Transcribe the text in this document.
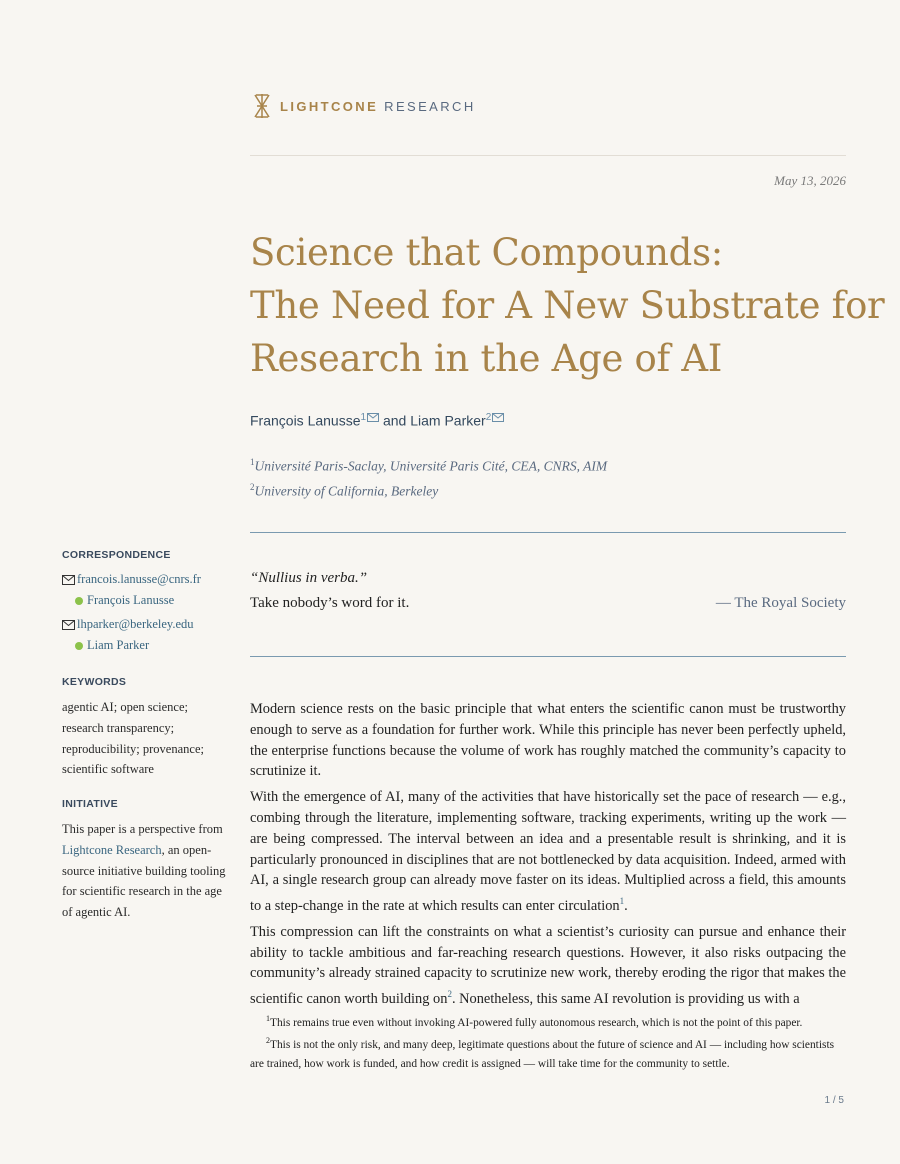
LIGHTCONE RESEARCH
May 13, 2026
Science that Compounds:
The Need for A New Substrate for
Research in the Age of AI
François Lanusse$^1$ and Liam Parker$^2$
$^1$Université Paris-Saclay, Université Paris Cité, CEA, CNRS, AIM
$^2$University of California, Berkeley
“Nullius in verba.”
Take nobody’s word for it.	— The Royal Society
CORRESPONDENCE
francois.lanusse@cnrs.fr
François Lanusse
lhparker@berkeley.edu
Liam Parker
KEYWORDS
agentic AI; open science; research transparency; reproducibility; provenance; scientific software
INITIATIVE
This paper is a perspective from Lightcone Research, an open-source initiative building tooling for scientific research in the age of agentic AI.

Modern science rests on the basic principle that what enters the scientific canon must be trustworthy enough to serve as a foundation for further work. While this principle has never been perfectly upheld, the enterprise functions because the volume of work has roughly matched the community’s capacity to scrutinize it.

With the emergence of AI, many of the activities that have historically set the pace of research — e.g., combing through the literature, implementing software, tracking experiments, writing up the work — are being compressed. The interval between an idea and a presentable result is shrinking, and it is particularly pronounced in disciplines that are not bottlenecked by data acquisition. Indeed, armed with AI, a single research group can already move faster on its ideas. Multiplied across a field, this amounts to a step-change in the rate at which results can enter circulation$^1$.

This compression can lift the constraints on what a scientist’s curiosity can pursue and enhance their ability to tackle ambitious and far-reaching research questions. However, it also risks outpacing the community’s already strained capacity to scrutinize new work, thereby eroding the rigor that makes the scientific canon worth building $on^2$. Nonetheless, this same AI revolution is providing us with a

$^1$This remains true even without invoking AI-powered fully autonomous research, which is not the point of this paper.
$^2$This is not the only risk, and many deep, legitimate questions about the future of science and AI — including how scientists are trained, how work is funded, and how credit is assigned — will take time for the community to settle.
1 / 5
